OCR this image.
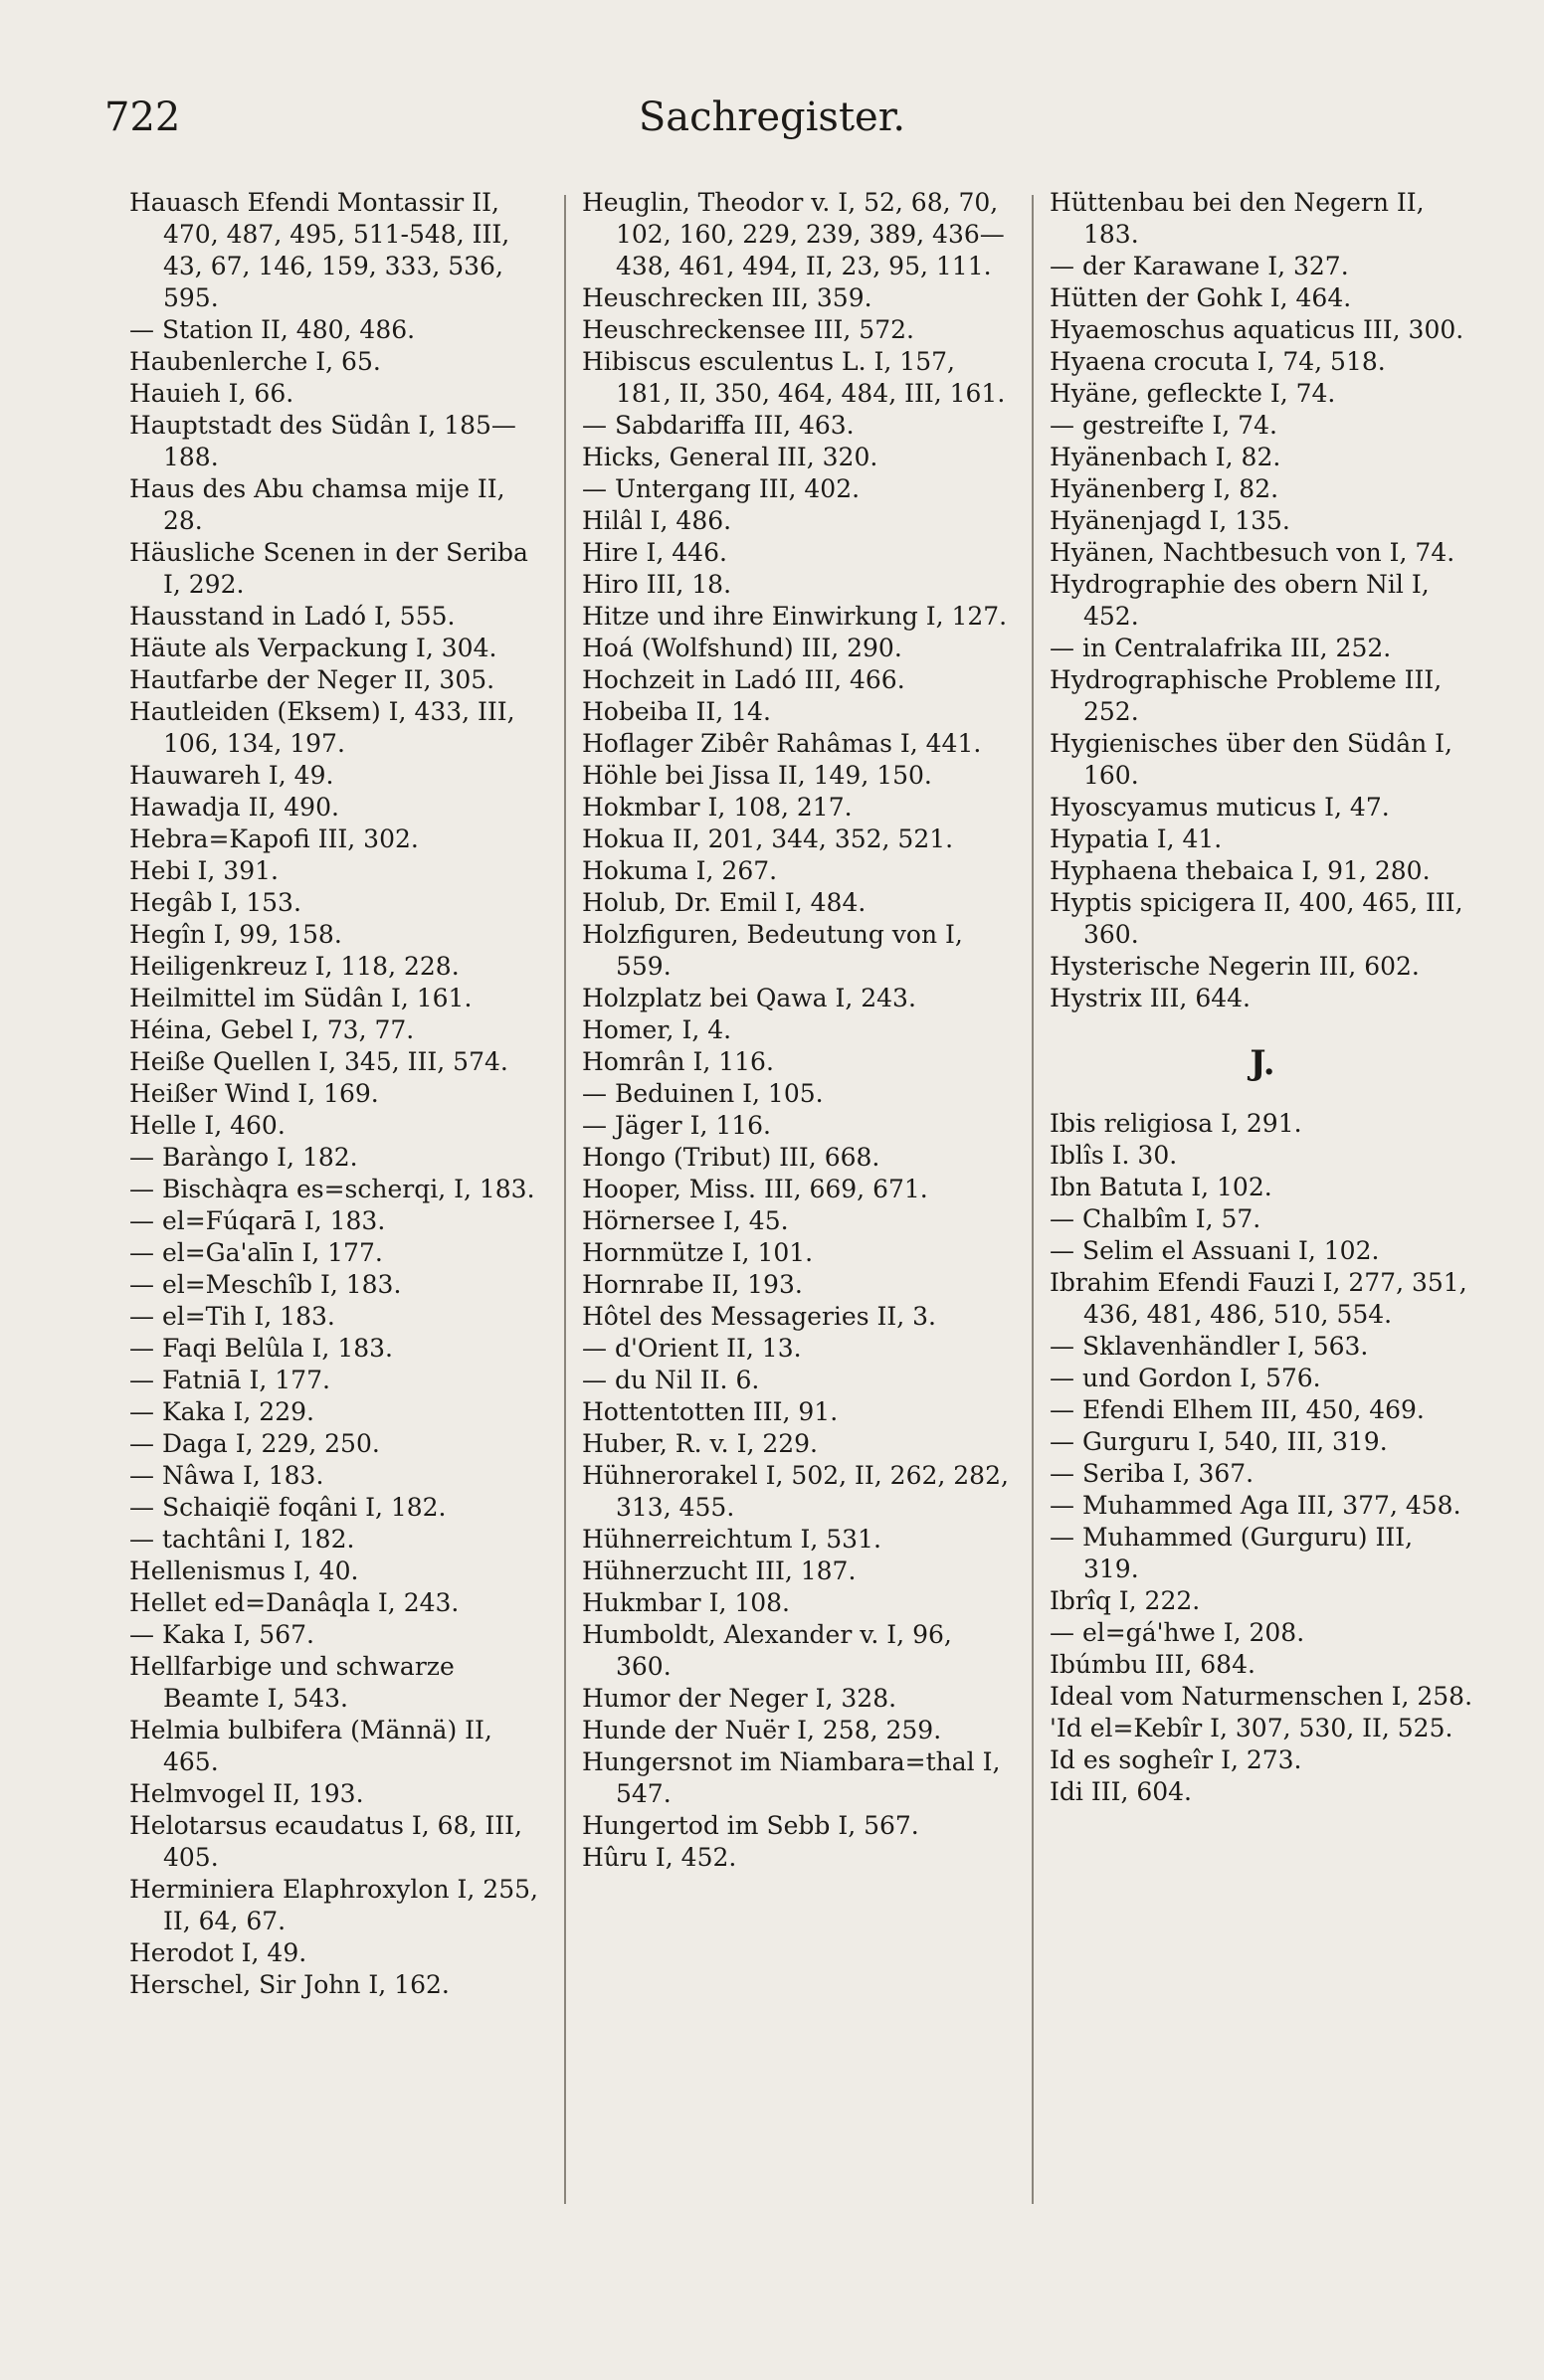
722	Sachregister.

Hauasch Efendi Montassir II, 470, 487, 495, 511-548, III, 43, 67, 146, 159, 333, 536, 595.

— Station II, 480, 486.

Haubenlerche I, 65.

Hauieh I, 66.

Hauptstadt des Südân I, 185—188.

Haus des Abu chamsa mije II, 28.

Häusliche Scenen in der Seriba I, 292.

Hausstand in Ladó I, 555.

Häute als Verpackung I, 304.

Hautfarbe der Neger II, 305.

Hautleiden (Eksem) I, 433, III, 106, 134, 197.

Hauwareh I, 49.

Hawadja II, 490.

Hebra=Kapofi III, 302.

Hebi I, 391.

Hegâb I, 153.

Hegîn I, 99, 158.

Heiligenkreuz I, 118, 228.

Heilmittel im Südân I, 161.

Héina, Gebel I, 73, 77.

Heiße Quellen I, 345, III, 574.

Heißer Wind I, 169.

Helle I, 460.

— Baràngo I, 182.

— Bischàqra es=scherqi, I, 183.

— el=Fúqarā I, 183.

— el=Ga'alīn I, 177.

— el=Meschîb I, 183.

— el=Tih I, 183.

— Faqi Belûla I, 183.

— Fatniā I, 177.

— Kaka I, 229.

— Daga I, 229, 250.

— Nâwa I, 183.

— Schaiqië foqâni I, 182.

— tachtâni I, 182.

Hellenismus I, 40.

Hellet ed=Danâqla I, 243.

— Kaka I, 567.

Hellfarbige und schwarze Beamte I, 543.

Helmia bulbifera (Männä) II, 465.

Helmvogel II, 193.

Helotarsus ecaudatus I, 68, III, 405.

Herminiera Elaphroxylon I, 255, II, 64, 67.

Herodot I, 49.

Herschel, Sir John I, 162.

Heuglin, Theodor v. I, 52, 68, 70, 102, 160, 229, 239, 389, 436—438, 461, 494, II, 23, 95, 111.

Heuschrecken III, 359.

Heuschreckensee III, 572.

Hibiscus esculentus L. I, 157, 181, II, 350, 464, 484, III, 161.

— Sabdariffa III, 463.

Hicks, General III, 320.

— Untergang III, 402.

Hilâl I, 486.

Hire I, 446.

Hiro III, 18.

Hitze und ihre Einwirkung I, 127.

Hoá (Wolfshund) III, 290.

Hochzeit in Ladó III, 466.

Hobeiba II, 14.

Hoflager Zibêr Rahâmas I, 441.

Höhle bei Jissa II, 149, 150.

Hokmbar I, 108, 217.

Hokua II, 201, 344, 352, 521.

Hokuma I, 267.

Holub, Dr. Emil I, 484.

Holzfiguren, Bedeutung von I, 559.

Holzplatz bei Qawa I, 243.

Homer, I, 4.

Homrân I, 116.

— Beduinen I, 105.

— Jäger I, 116.

Hongo (Tribut) III, 668.

Hooper, Miss. III, 669, 671.

Hörnersee I, 45.

Hornmütze I, 101.

Hornrabe II, 193.

Hôtel des Messageries II, 3.

— d'Orient II, 13.

— du Nil II. 6.

Hottentotten III, 91.

Huber, R. v. I, 229.

Hühnerorakel I, 502, II, 262, 282, 313, 455.

Hühnerreichtum I, 531.

Hühnerzucht III, 187.

Hukmbar I, 108.

Humboldt, Alexander v. I, 96, 360.

Humor der Neger I, 328.

Hunde der Nuër I, 258, 259.

Hungersnot im Niambara=thal I, 547.

Hungertod im Sebb I, 567.

Hûru I, 452.

Hüttenbau bei den Negern II, 183.

— der Karawane I, 327.

Hütten der Gohk I, 464.

Hyaemoschus aquaticus III, 300.

Hyaena crocuta I, 74, 518.

Hyäne, gefleckte I, 74.

— gestreifte I, 74.

Hyänenbach I, 82.

Hyänenberg I, 82.

Hyänenjagd I, 135.

Hyänen, Nachtbesuch von I, 74.

Hydrographie des obern Nil I, 452.

— in Centralafrika III, 252.

Hydrographische Probleme III, 252.

Hygienisches über den Südân I, 160.

Hyoscyamus muticus I, 47.

Hypatia I, 41.

Hyphaena thebaica I, 91, 280.

Hyptis spicigera II, 400, 465, III, 360.

Hysterische Negerin III, 602.

Hystrix III, 644.

J.

Ibis religiosa I, 291.

Iblîs I. 30.

Ibn Batuta I, 102.

— Chalbîm I, 57.

— Selim el Assuani I, 102.

Ibrahim Efendi Fauzi I, 277, 351, 436, 481, 486, 510, 554.

— Sklavenhändler I, 563.

— und Gordon I, 576.

— Efendi Elhem III, 450, 469.

— Gurguru I, 540, III, 319.

— Seriba I, 367.

— Muhammed Aga III, 377, 458.

— Muhammed (Gurguru) III, 319.

Ibrîq I, 222.

— el=gá'hwe I, 208.

Ibúmbu III, 684.

Ideal vom Naturmenschen I, 258.

'Id el=Kebîr I, 307, 530, II, 525.

Id es sogheîr I, 273.

Idi III, 604.
